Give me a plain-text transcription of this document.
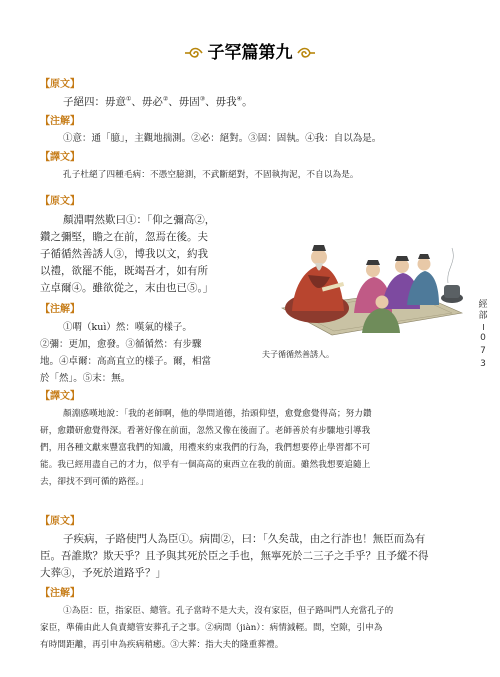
子罕篇第九
【原文】
子絕四：毋意①、毋必②、毋固③、毋我④。
【注解】
①意：通「臆」，主觀地揣測。②必：絕對。③固：固執。④我：自以為是。
【譯文】
孔子杜絕了四種毛病：不憑空臆測，不武斷絕對，不固執拘泥，不自以為是。
【原文】
顏淵喟然歎曰①：「仰之彌高②，
鑽之彌堅，瞻之在前，忽焉在後。夫
子循循然善誘人③，博我以文，約我
以禮，欲罷不能，既竭吾才，如有所
立卓爾④。雖欲從之，末由也已⑤。」
【注解】
①喟（kuì）然：嘆氣的樣子。
②彌：更加，愈發。③循循然：有步驟
地。④卓爾：高高直立的樣子。爾，相當
於「然」。⑤末：無。
【譯文】
顏淵感嘆地說：「我的老師啊，他的學問道德，抬頭仰望，愈覺愈覺得高；努力鑽
研，愈鑽研愈覺得深。看著好像在前面，忽然又像在後面了。老師善於有步驟地引導我
們，用各種文獻來豐富我們的知識，用禮來約束我們的行為，我們想要停止學習都不可
能。我已經用盡自己的才力，似乎有一個高高的東西立在我的前面。雖然我想要追隨上
去，卻找不到可循的路徑。」
夫子循循然善誘人。
【原文】
子疾病，子路使門人為臣①。病間②，曰：「久矣哉，由之行詐也！無臣而為有
臣。吾誰欺？欺天乎？且予與其死於臣之手也，無寧死於二三子之手乎？且予縱不得
大葬③，予死於道路乎？」
【注解】
①為臣：臣，指家臣、總管。孔子當時不是大夫，沒有家臣，但子路叫門人充當孔子的
家臣，準備由此人負責總管安葬孔子之事。②病間（jiàn）：病情減輕。間，空隙，引申為
有時間距離，再引申為疾病稍癒。③大葬：指大夫的隆重葬禮。
經部
0
7
3
